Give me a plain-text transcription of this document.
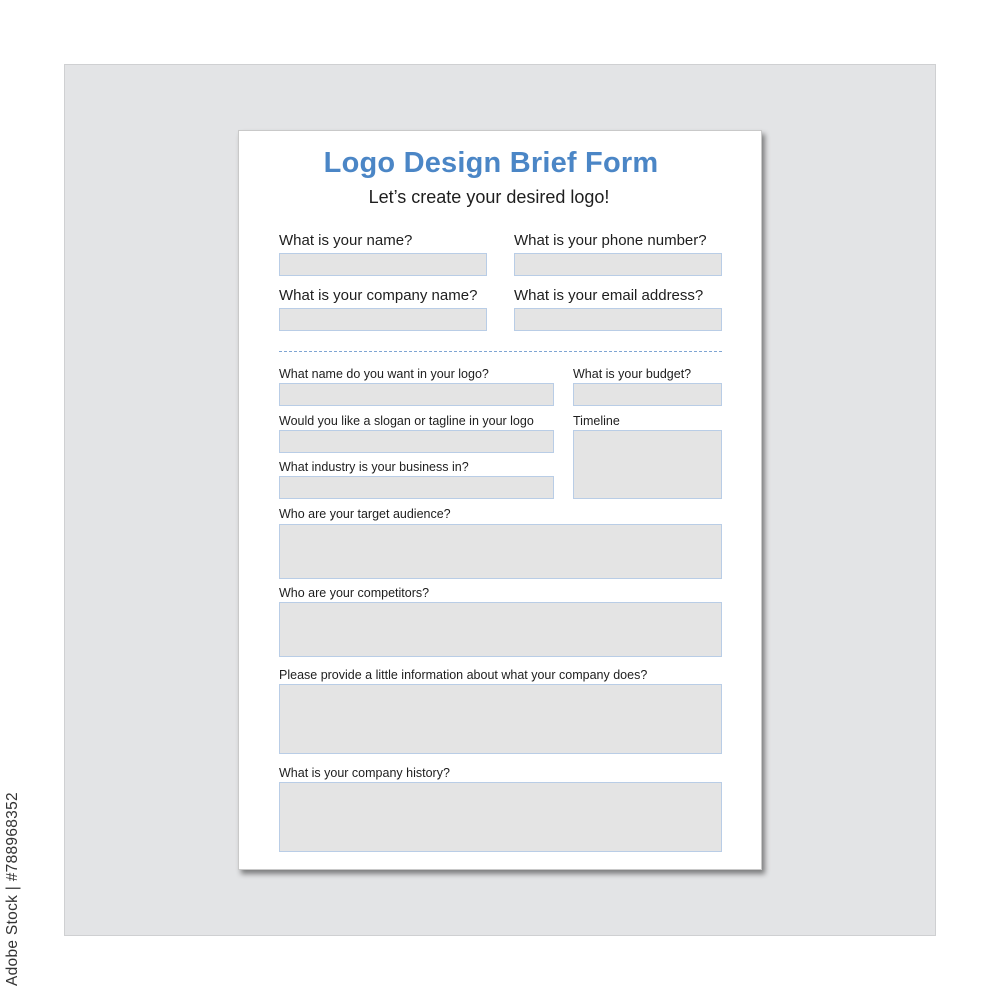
Logo Design Brief Form
Let’s create your desired logo!
What is your name?	What is your phone number?
What is your company name? What is your email address?
What name do you want in your logo?	What is your budget?
Would you like a slogan or tagline in your logo	Timeline
What industry is your business in?
Who are your target audience?
Who are your competitors?
Please provide a little information about what your company does?
What is your company history?
Adobe Stock | #788968352
